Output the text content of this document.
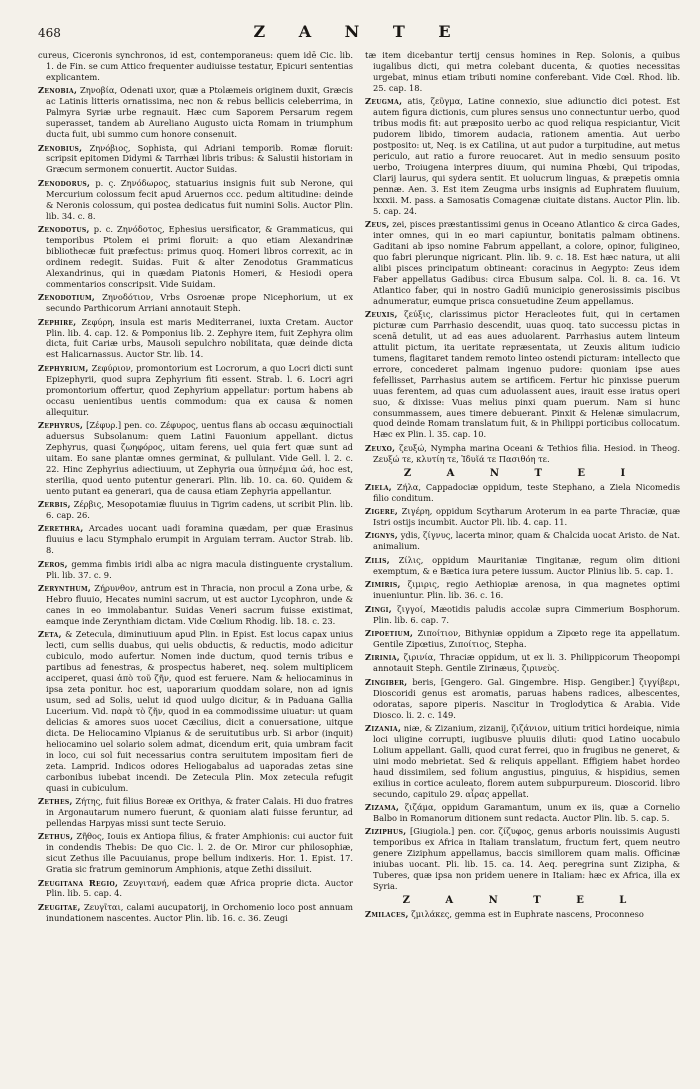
468	Z A N T E

cureus, Ciceronis synchronos, id est, contemporaneus: quem idē Cic. lib. 1. de Fin. se cum Attico frequenter audiuisse testatur, Epicuri sententias explicantem.

Zenobia, Ζηνοβία, Odenati uxor, quæ a Ptolæmeis originem duxit, Græcis ac Latinis litteris ornatissima, nec non & rebus bellicis celeberrima, in Palmyra Syriæ urbe regnauit. Hæc cum Saporem Persarum regem superasset, tandem ab Aureliano Augusto uicta Romam in triumphum ducta fuit, ubi summo cum honore consenuit.

Zenobius, Ζηνόβιος, Sophista, qui Adriani temporib. Romæ floruit: scripsit epitomen Didymi & Tarrhæi libris tribus: & Salustii historiam in Græcum sermonem conuertit. Auctor Suidas.

Zenodorus, p. ς. Ζηνόδωρος, statuarius insignis fuit sub Nerone, qui Mercurium colossum fecit apud Aruernos ccc. pedum altitudine: deinde & Neronis colossum, qui postea dedicatus fuit numini Solis. Auctor Plin. lib. 34. c. 8.

Zenodotus, p. c. Ζηνόδοτος, Ephesius uersificator, & Grammaticus, qui temporibus Ptolem ei primi floruit: a quo etiam Alexandrinæ bibliothecæ fuit præfectus: primus quoq. Homeri libros correxit, ac in ordinem redegit. Suidas. Fuit & alter Zenodotus Grammaticus Alexandrinus, qui in quædam Piatonis Homeri, & Hesiodi opera commentarios conscripsit. Vide Suidam.

Zenodotium, Ζηνοδότιον, Vrbs Osroenæ prope Nicephorium, ut ex secundo Parthicorum Arriani annotauit Steph.

Zephire, Ζεφύρη, insula est maris Mediterranei, iuxta Cretam. Auctor Plin. lib. 4. cap. 12. & Pomponius lib. 2. Zephyre item, fuit Zephyra olim dicta, fuit Cariæ urbs, Mausoli sepulchro nobilitata, quæ deinde dicta est Halicarnassus. Auctor Str. lib. 14.

Zephyrium, Ζεφύριον, promontorium est Locrorum, a quo Locri dicti sunt Epizephyrii, quod supra Zephyrium fiti essent. Strab. l. 6. Locri agri promontorium offertur, quod Zephyrium appellatur: portum habens ab occasu uenientibus uentis commodum: qua ex causa & nomen allequitur.

Zephyrus, [Ζέφυρ.] pen. co. Ζέφυρος, uentus flans ab occasu æquinoctiali aduersus Subsolanum: quem Latini Fauonium appellant. dictus Zephyrus, quasi ζωηφόρος, uitam ferens, uel quia fert quæ sunt ad uitam. Eo sane plantæ omnes germinat, & pullulant. Vide Gell. l. 2. c. 22. Hinc Zephyrius adiectiuum, ut Zephyria oua ὑπηνέμια ὡά, hoc est, sterilia, quod uento putentur generari. Plin. lib. 10. ca. 60. Quidem & uento putant ea generari, qua de causa etiam Zephyria appellantur.

Zerbis, Ζέρβις, Mesopotamiæ fluuius in Tigrim cadens, ut scribit Plin. lib. 6. cap. 26.

Zerethra, Arcades uocant uadi foramina quædam, per quæ Erasinus fluuius e lacu Stymphalo erumpit in Arguiam terram. Auctor Strab. lib. 8.

Zeros, gemma fimbis iridi alba ac nigra macula distinguente crystalium. Pli. lib. 37. c. 9.

Zerynthum, Ζήρυνθον, antrum est in Thracia, non procul a Zona urbe, & Hebro fluuio, Hecates numini sacrum, ut est auctor Lycophron, unde & canes in eo immolabantur. Suidas Veneri sacrum fuisse existimat, eamque inde Zerynthiam dictam. Vide Cœlium Rhodig. lib. 18. c. 23.

Zeta, & Zetecula, diminutiuum apud Plin. in Epist. Est locus capax unius lecti, cum sellis duabus, qui uelis obductis, & reductis, modo adicitur cubiculo, modo aufertur. Nomen inde ductum, quod ternis tribus e partibus ad fenestras, & prospectus haberet, neq. solem multiplicem acciperet, quasi ἀπὸ τοῦ ζῆν, quod est feruere. Nam & heliocaminus in ipsa zeta ponitur. hoc est, uaporarium quoddam solare, non ad ignis usum, sed ad Solis, uelut id quod uulgo dicitur, & in Paduana Gallia Lucerium. Vid. παρὰ τὸ ζῆν, quod in ea commodissime uiuatur: ut quam delicias & amores suos uocet Cæcilius, dicit a conuersatione, uitque dicta. De Heliocamino Vlpianus & de seruitutibus urb. Si arbor (inquit) heliocamino uel solario solem admat, dicendum erit, quia umbram facit in loco, cui sol fuit necessarius contra seruitutem impositam fieri de zeta. Lamprid. Indicos odores Heliogabalus ad uaporadas zetas sine carbonibus iubebat incendi. De Zetecula Plin. Mox zetecula refugit quasi in cubiculum.

Zethes, Ζήτης, fuit filius Boreæ ex Orithya, & frater Calais. Hi duo fratres in Argonautarum numero fuerunt, & quoniam alati fuisse feruntur, ad pellendas Harpyas missi sunt tecte Seruio.

Zethus, Ζῆθος, Iouis ex Antiopa filius, & frater Amphionis: cui auctor fuit in condendis Thebis: De quo Cic. l. 2. de Or. Miror cur philosophiæ, sicut Zethus ille Pacuuianus, prope bellum indixeris. Hor. 1. Epist. 17. Gratia sic fratrum geminorum Amphionis, atque Zethi dissiluit.

Zeugitana Regio, Ζευγιτανή, eadem quæ Africa proprie dicta. Auctor Plin. lib. 5. cap. 4.

Zeugitae, Ζευγῖται, calami aucupatorij, in Orchomenio loco post annuam inundationem nascentes. Auctor Plin. lib. 16. c. 36. Zeugi

tæ item dicebantur tertij census homines in Rep. Solonis, a quibus iugalibus dicti, qui metra colebant ducenta, & quoties necessitas urgebat, minus etiam tributi nomine conferebant. Vide Cœl. Rhod. lib. 25. cap. 18.

Zeugma, atis, ζεῦγμα, Latine connexio, siue adiunctio dici potest. Est autem figura dictionis, cum plures sensus uno connectuntur uerbo, quod tribus modis fit: aut præposito uerbo ac quod reliqua respiciantur, Vicit pudorem libido, timorem audacia, rationem amentia. Aut uerbo postposito: ut, Neq. is ex Catilina, ut aut pudor a turpitudine, aut metus periculo, aut ratio a furore reuocaret. Aut in medio sensuum posito uerbo, Troiugena interpres diuum, qui numina Phœbi, Qui tripodas, Clarij laurus, qui sydera sentit. Et uolucrum linguas, & præpetis omnia pennæ. Aen. 3. Est item Zeugma urbs insignis ad Euphratem fluuium, lxxxii. M. pass. a Samosatis Comagenæ ciuitate distans. Auctor Plin. lib. 5. cap. 24.

Zeus, zei, pisces præstantissimi genus in Oceano Atlantico & circa Gades, inter omnes, qui in eo mari capiuntur, bonitatis palmam obtinens. Gaditani ab ipso nomine Fabrum appellant, a colore, opinor, fuligineo, quo fabri plerunque nigricant. Plin. lib. 9. c. 18. Est hæc natura, ut alii alibi pisces principatum obtineant: coracinus in Aegypto: Zeus idem Faber appellatus Gadibus: circa Ebusum salpa. Col. li. 8. ca. 16. Vt Atlantico faber, qui in nostro Gadiū municipio generosissimis piscibus adnumeratur, eumque prisca consuetudine Zeum appellamus.

Zeuxis, ζεύξις, clarissimus pictor Heracleotes fuit, qui in certamen picturæ cum Parrhasio descendit, uuas quoq. tato successu pictas in scenā detulit, ut ad eas aues aduolarent. Parrhasius autem linteum attulit pictum, ita ueritate repræsentata, ut Zeuxis alitum iudicio tumens, flagitaret tandem remoto linteo ostendi picturam: intellecto que errore, concederet palmam ingenuo pudore: quoniam ipse aues fefellisset, Parrhasius autem se artificem. Fertur hic pinxisse puerum uuas ferentem, ad quas cum aduolassent aues, irauit esse iratus operi suo, & dixisse: Vuas melius pinxi quam puerum. Nam si hunc consummassem, aues timere debuerant. Pinxit & Helenæ simulacrum, quod deinde Romam translatum fuit, & in Philippi porticibus collocatum. Hæc ex Plin. l. 35. cap. 10.

Zeuxo, ζευξώ, Nympha marina Oceani & Tethios filia. Hesiod. in Theog. Ζευξώ τε, κλυτίη τε, Ἰδυῖά τε Πασιθόη τε.

Z A N T E I

Ziela, Ζήλα, Cappadociæ oppidum, teste Stephano, a Ziela Nicomedis filio conditum.

Zigere, Ζιγέρη, oppidum Scytharum Aroterum in ea parte Thraciæ, quæ Istri ostijs incumbit. Auctor Pli. lib. 4. cap. 11.

Zignys, ydis, ζίγνυς, lacerta minor, quam & Chalcida uocat Aristo. de Nat. animalium.

Zilis, Ζίλις, oppidum Mauritaniæ Tingitanæ, regum olim ditioni exemptum, & e Bætica iura petere iussum. Auctor Plinius lib. 5. cap. 1.

Zimiris, ζιμιρις, regio Aethiopiæ arenosa, in qua magnetes optimi inueniuntur. Plin. lib. 36. c. 16.

Zingi, ζιγγοί, Mæotidis paludis accolæ supra Cimmerium Bosphorum. Plin. lib. 6. cap. 7.

Zipoetium, Ζιποίτιον, Bithyniæ oppidum a Zipœto rege ita appellatum. Gentile Zipœtius, Ζιποίτιος, Stepha.

Zirinia, ζιρινία, Thraciæ oppidum, ut ex li. 3. Philippicorum Theopompi annotauit Steph. Gentile Zirinæus, ζιρινεὺς.

Zingiber, beris, [Gengero. Gal. Gingembre. Hisp. Gengiber.] ζιγγίβερι, Dioscoridi genus est aromatis, paruas habens radices, albescentes, odoratas, sapore piperis. Nascitur in Troglodytica & Arabia. Vide Diosco. li. 2. c. 149.

Zizania, niæ, & Zizanium, zizanij, ζιζάνιον, uitium tritici hordeique, nimia loci uligine corrupti, iugibusve pluuiis diluti: quod Latino uocabulo Lolium appellant. Galli, quod curat ferrei, quo in frugibus ne generet, & uini modo mebrietat. Sed & reliquis appellant. Effigiem habet hordeo haud dissimilem, sed folium angustius, pinguius, & hispidius, semen exilius in cortice aculeato, florem autem subpurpureum. Dioscorid. libro secundo, capitulo 29. αἶρας appellat.

Zizama, ζιζάμα, oppidum Garamantum, unum ex iis, quæ a Cornelio Balbo in Romanorum ditionem sunt redacta. Auctor Plin. lib. 5. cap. 5.

Ziziphus, [Giugiola.] pen. cor. ζίζυφος, genus arboris nouissimis Augusti temporibus ex Africa in Italiam translatum, fructum fert, quem neutro genere Ziziphum appellamus, baccis simillorem quam malis. Officinæ iniubas uocant. Pli. lib. 15. ca. 14. Aeq. peregrina sunt Zizipha, & Tuberes, quæ ipsa non pridem uenere in Italiam: hæc ex Africa, illa ex Syria.

Z A N T E L

Zmilaces, ζμιλάκες, gemma est in Euphrate nascens, Proconneso
